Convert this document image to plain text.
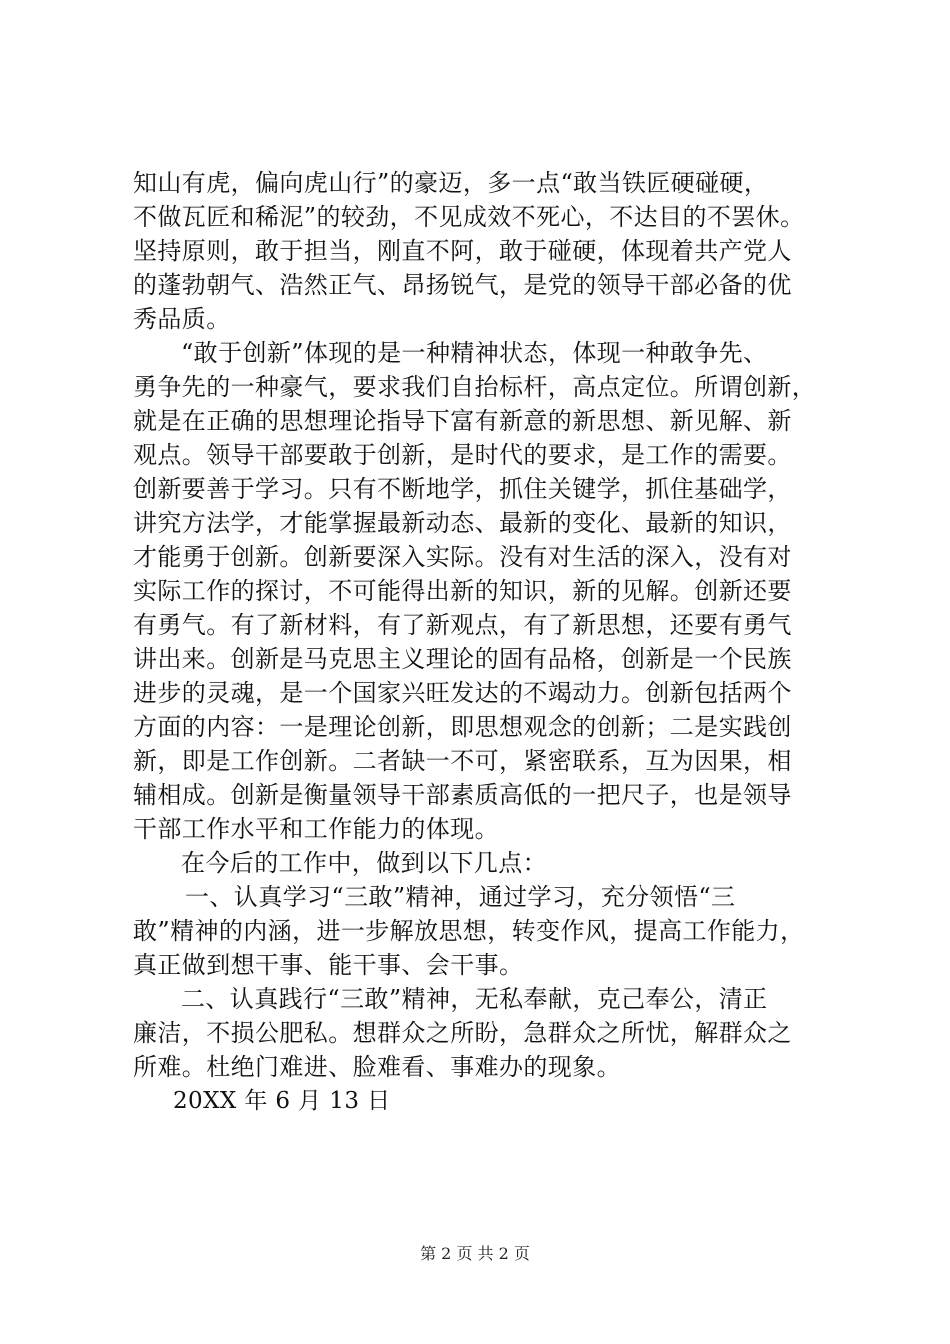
知山有虎，偏向虎山行”的豪迈，多一点“敢当铁匠硬碰硬，
不做瓦匠和稀泥”的较劲，不见成效不死心，不达目的不罢休。
坚持原则，敢于担当，刚直不阿，敢于碰硬，体现着共产党人
的蓬勃朝气、浩然正气、昂扬锐气，是党的领导干部必备的优
秀品质。
“敢于创新”体现的是一种精神状态，体现一种敢争先、
勇争先的一种豪气，要求我们自抬标杆，高点定位。所谓创新，
就是在正确的思想理论指导下富有新意的新思想、新见解、新
观点。领导干部要敢于创新，是时代的要求，是工作的需要。
创新要善于学习。只有不断地学，抓住关键学，抓住基础学，
讲究方法学，才能掌握最新动态、最新的变化、最新的知识，
才能勇于创新。创新要深入实际。没有对生活的深入，没有对
实际工作的探讨，不可能得出新的知识，新的见解。创新还要
有勇气。有了新材料，有了新观点，有了新思想，还要有勇气
讲出来。创新是马克思主义理论的固有品格，创新是一个民族
进步的灵魂，是一个国家兴旺发达的不竭动力。创新包括两个
方面的内容：一是理论创新，即思想观念的创新；二是实践创
新，即是工作创新。二者缺一不可，紧密联系，互为因果，相
辅相成。创新是衡量领导干部素质高低的一把尺子，也是领导
干部工作水平和工作能力的体现。
在今后的工作中，做到以下几点：
一、认真学习“三敢”精神，通过学习，充分领悟“三
敢”精神的内涵，进一步解放思想，转变作风，提高工作能力，
真正做到想干事、能干事、会干事。
二、认真践行“三敢”精神，无私奉献，克己奉公，清正
廉洁，不损公肥私。想群众之所盼，急群众之所忧，解群众之
所难。杜绝门难进、脸难看、事难办的现象。
20XX 年 6 月 13 日
第 2 页 共 2 页
